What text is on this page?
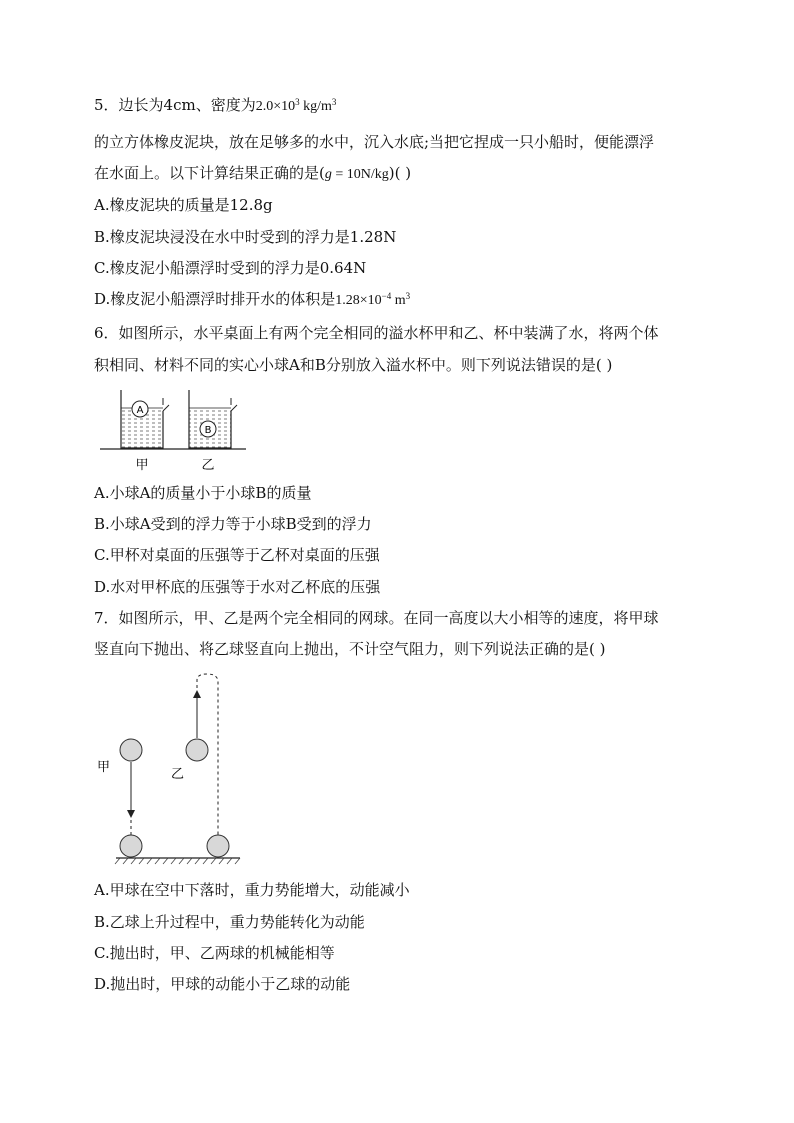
5．边长为4cm、密度为$2.0\times 10^3$ $kg/m^3$
的立方体橡皮泥块，放在足够多的水中，沉入水底;当把它捏成一只小船时，便能漂浮
在水面上。以下计算结果正确的是(g = 10N/kg)( )
A.橡皮泥块的质量是12.8g
B.橡皮泥块浸没在水中时受到的浮力是1.28N
C.橡皮泥小船漂浮时受到的浮力是0.64N
D.橡皮泥小船漂浮时排开水的体积是$1.28\times 10^{-4}$ $m^3$
6．如图所示，水平桌面上有两个完全相同的溢水杯甲和乙、杯中装满了水，将两个体
积相同、材料不同的实心小球A和B分别放入溢水杯中。则下列说法错误的是( )
A
B
甲	乙
A.小球A的质量小于小球B的质量
B.小球A受到的浮力等于小球B受到的浮力
C.甲杯对桌面的压强等于乙杯对桌面的压强
D.水对甲杯底的压强等于水对乙杯底的压强
7．如图所示，甲、乙是两个完全相同的网球。在同一高度以大小相等的速度，将甲球
竖直向下抛出、将乙球竖直向上抛出，不计空气阻力，则下列说法正确的是( )
甲	乙
A.甲球在空中下落时，重力势能增大，动能减小
B.乙球上升过程中，重力势能转化为动能
C.抛出时，甲、乙两球的机械能相等
D.抛出时，甲球的动能小于乙球的动能
